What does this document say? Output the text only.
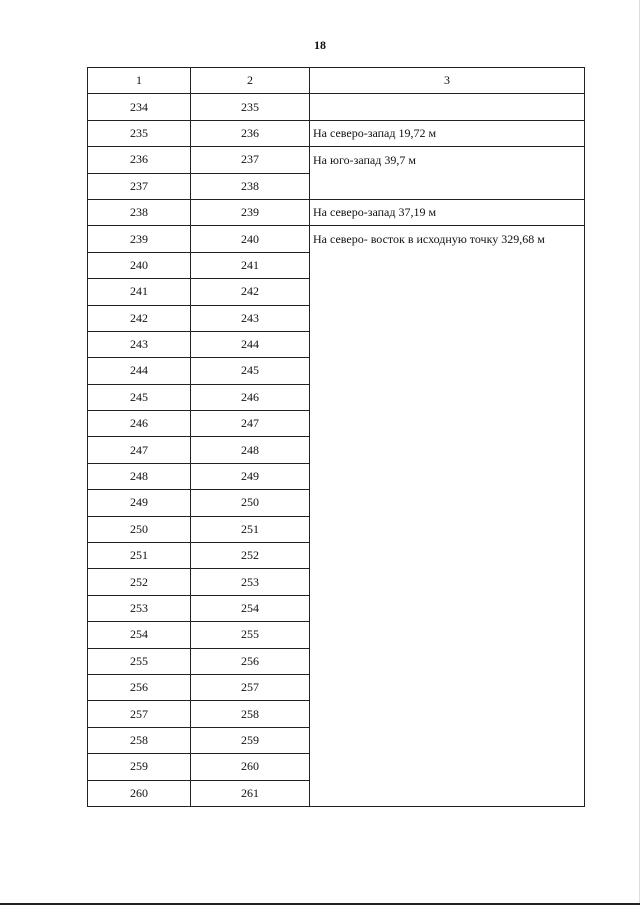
18
1	2	3
234	235	
235	236	На северо-запад 19,72 м
236	237	На юго-запад 39,7 м
237	238	
238	239	На северо-запад 37,19 м
239	240	На северо- восток в исходную точку 329,68 м
240	241	
241	242	
242	243	
243	244	
244	245	
245	246	
246	247	
247	248	
248	249	
249	250	
250	251	
251	252	
252	253	
253	254	
254	255	
255	256	
256	257	
257	258	
258	259	
259	260	
260	261	
